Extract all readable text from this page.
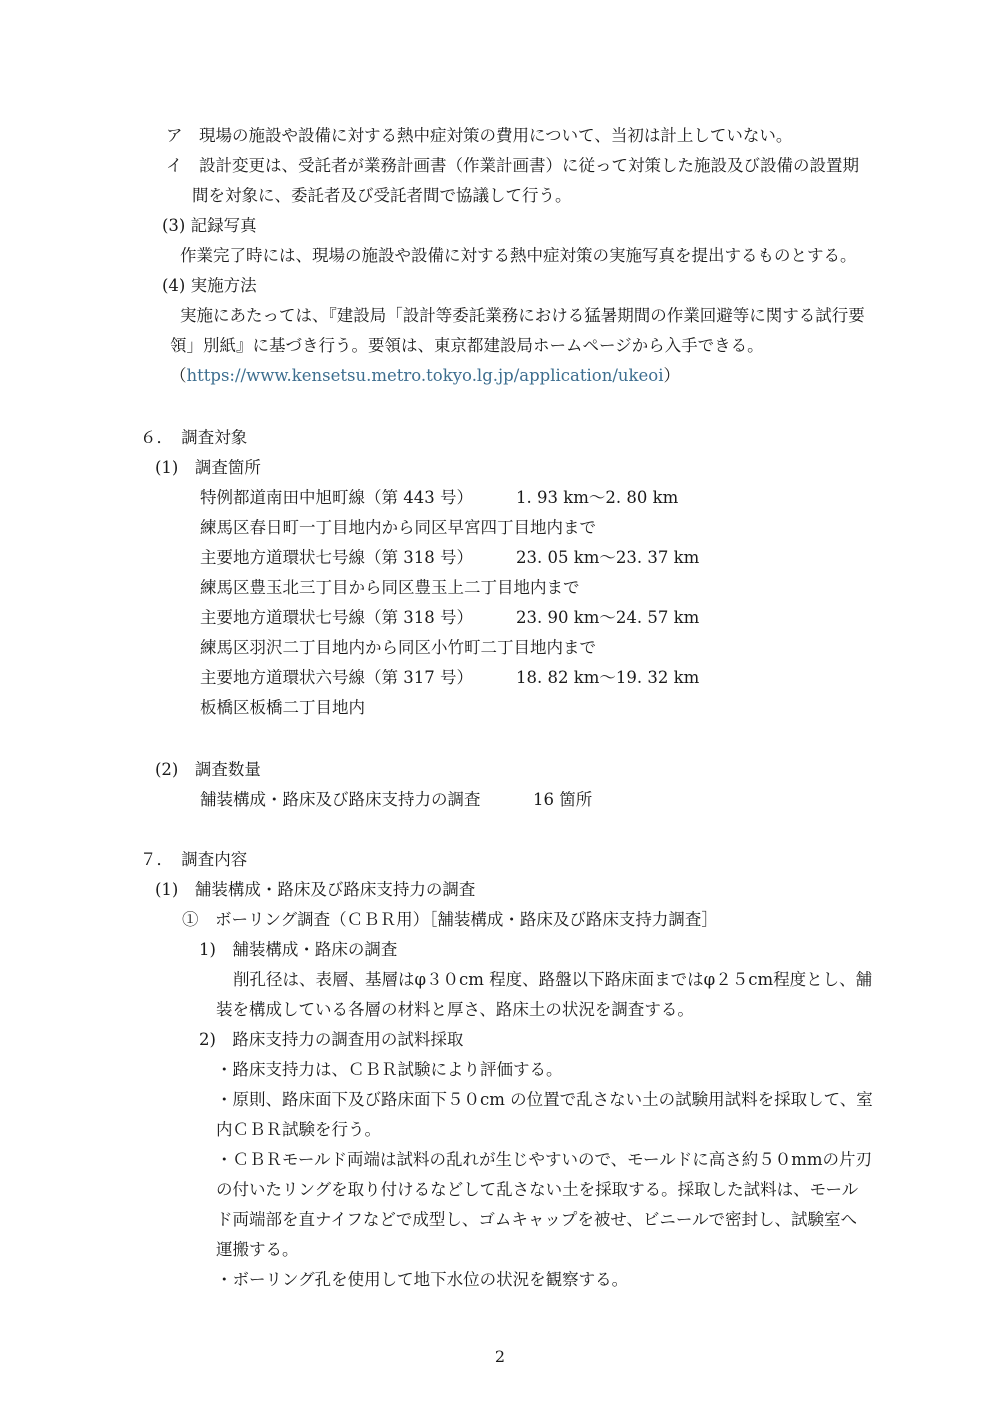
ア　現場の施設や設備に対する熱中症対策の費用について、当初は計上していない。
イ　設計変更は、受託者が業務計画書（作業計画書）に従って対策した施設及び設備の設置期
間を対象に、委託者及び受託者間で協議して行う。
(3) 記録写真
作業完了時には、現場の施設や設備に対する熱中症対策の実施写真を提出するものとする。
(4) 実施方法
実施にあたっては、『建設局「設計等委託業務における猛暑期間の作業回避等に関する試行要
領」別紙』に基づき行う。要領は、東京都建設局ホームページから入手できる。
（https://www.kensetsu.metro.tokyo.lg.jp/application/ukeoi）
６．　調査対象
(1)　調査箇所
特例都道南田中旭町線（第 443 号）	1. 93 km～2. 80 km
練馬区春日町一丁目地内から同区早宮四丁目地内まで
主要地方道環状七号線（第 318 号）	23. 05 km～23. 37 km
練馬区豊玉北三丁目から同区豊玉上二丁目地内まで
主要地方道環状七号線（第 318 号）	23. 90 km～24. 57 km
練馬区羽沢二丁目地内から同区小竹町二丁目地内まで
主要地方道環状六号線（第 317 号）	18. 82 km～19. 32 km
板橋区板橋二丁目地内
(2)　調査数量
舗装構成・路床及び路床支持力の調査	16 箇所
７．　調査内容
(1)　舗装構成・路床及び路床支持力の調査
①　ボーリング調査（ＣＢＲ用）［舗装構成・路床及び路床支持力調査］
1)　舗装構成・路床の調査
削孔径は、表層、基層はφ３０cm 程度、路盤以下路床面まではφ２５cm程度とし、舗
装を構成している各層の材料と厚さ、路床土の状況を調査する。
2)　路床支持力の調査用の試料採取
・路床支持力は、ＣＢＲ試験により評価する。
・原則、路床面下及び路床面下５０cm の位置で乱さない土の試験用試料を採取して、室
内ＣＢＲ試験を行う。
・ＣＢＲモールド両端は試料の乱れが生じやすいので、モールドに高さ約５０mmの片刃
の付いたリングを取り付けるなどして乱さない土を採取する。採取した試料は、モール
ド両端部を直ナイフなどで成型し、ゴムキャップを被せ、ビニールで密封し、試験室へ
運搬する。
・ボーリング孔を使用して地下水位の状況を観察する。
2
